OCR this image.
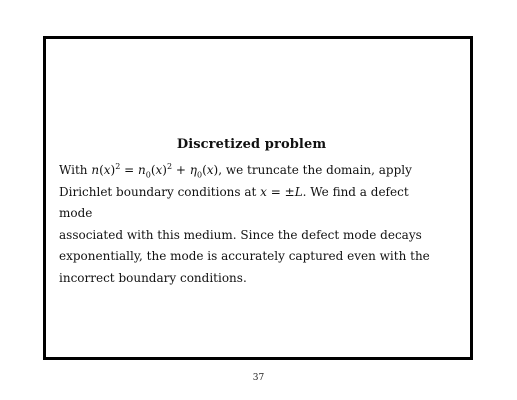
Discretized problem

With $n(x)^2 = n_0(x)^2 + \eta_0(x)$, we truncate the domain, apply
Dirichlet boundary conditions at x = ±L. We find a defect mode
associated with this medium. Since the defect mode decays
exponentially, the mode is accurately captured even with the
incorrect boundary conditions.

37
